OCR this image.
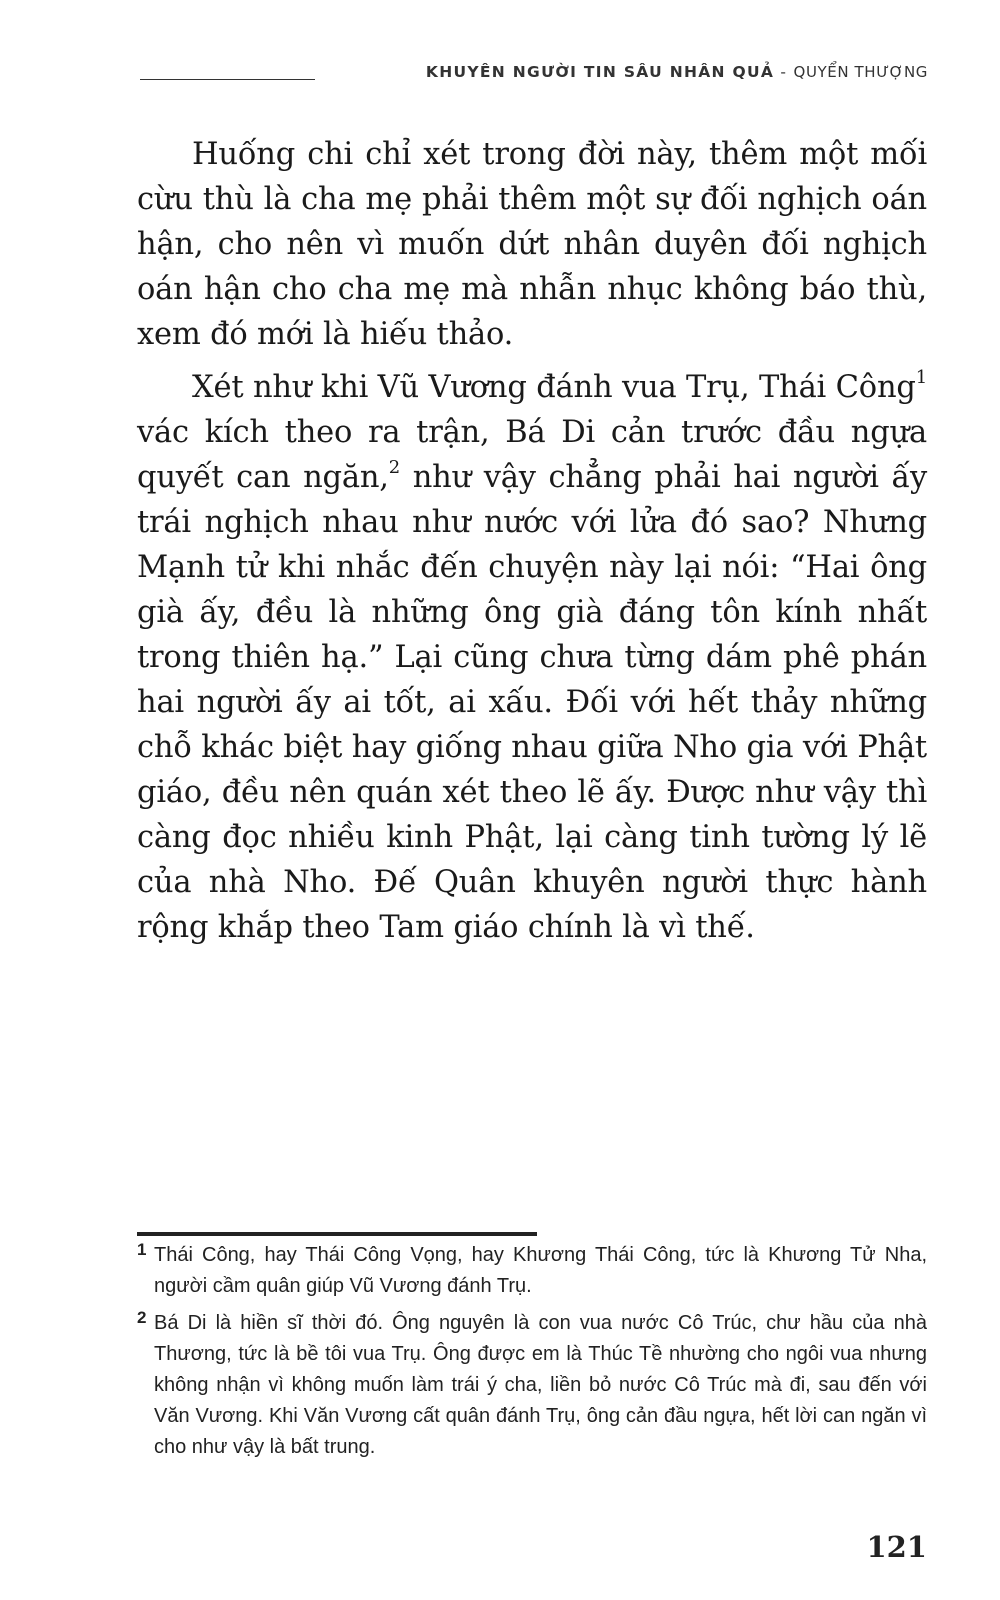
KHUYÊN NGƯỜI TIN SÂU NHÂN QUẢ - QUYỂN THƯỢNG

Huống chi chỉ xét trong đời này, thêm một mối cừu thù là cha mẹ phải thêm một sự đối nghịch oán hận, cho nên vì muốn dứt nhân duyên đối nghịch oán hận cho cha mẹ mà nhẫn nhục không báo thù, xem đó mới là hiếu thảo.

Xét như khi Vũ Vương đánh vua Trụ, Thái Công$^1$ vác kích theo ra trận, Bá Di cản trước đầu ngựa quyết can ngăn,$^2$ như vậy chẳng phải hai người ấy trái nghịch nhau như nước với lửa đó sao? Nhưng Mạnh tử khi nhắc đến chuyện này lại nói: “Hai ông già ấy, đều là những ông già đáng tôn kính nhất trong thiên hạ.” Lại cũng chưa từng dám phê phán hai người ấy ai tốt, ai xấu. Đối với hết thảy những chỗ khác biệt hay giống nhau giữa Nho gia với Phật giáo, đều nên quán xét theo lẽ ấy. Được như vậy thì càng đọc nhiều kinh Phật, lại càng tinh tường lý lẽ của nhà Nho. Đế Quân khuyên người thực hành rộng khắp theo Tam giáo chính là vì thế.

1 Thái Công, hay Thái Công Vọng, hay Khương Thái Công, tức là Khương Tử Nha, người cầm quân giúp Vũ Vương đánh Trụ.
2 Bá Di là hiền sĩ thời đó. Ông nguyên là con vua nước Cô Trúc, chư hầu của nhà Thương, tức là bề tôi vua Trụ. Ông được em là Thúc Tề nhường cho ngôi vua nhưng không nhận vì không muốn làm trái ý cha, liền bỏ nước Cô Trúc mà đi, sau đến với Văn Vương. Khi Văn Vương cất quân đánh Trụ, ông cản đầu ngựa, hết lời can ngăn vì cho như vậy là bất trung.
121
